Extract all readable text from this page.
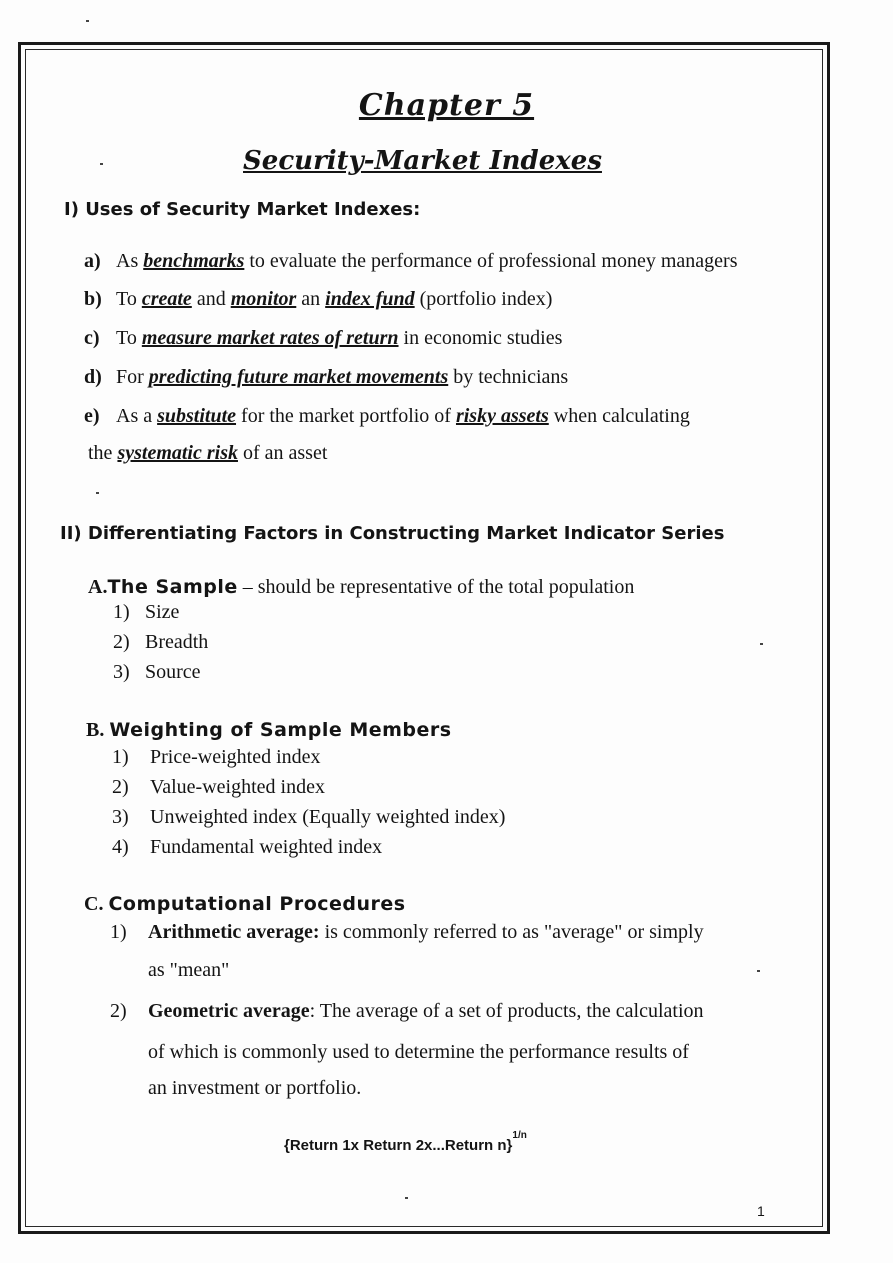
Chapter 5
Security-Market Indexes
I) Uses of Security Market Indexes:
a) As benchmarks to evaluate the performance of professional money managers
b) To create and monitor an index fund (portfolio index)
c) To measure market rates of return in economic studies
d) For predicting future market movements by technicians
e) As a substitute for the market portfolio of risky assets when calculating
the systematic risk of an asset
II) Differentiating Factors in Constructing Market Indicator Series
A.The Sample – should be representative of the total population
1) Size
2) Breadth
3) Source
B. Weighting of Sample Members
1) Price-weighted index
2) Value-weighted index
3) Unweighted index (Equally weighted index)
4) Fundamental weighted index
C. Computational Procedures
1) Arithmetic average: is commonly referred to as "average" or simply
as "mean"
2) Geometric average: The average of a set of products, the calculation
of which is commonly used to determine the performance results of
an investment or portfolio.
{Return 1x Return 2x...Return n}$^{1/n}$
1
